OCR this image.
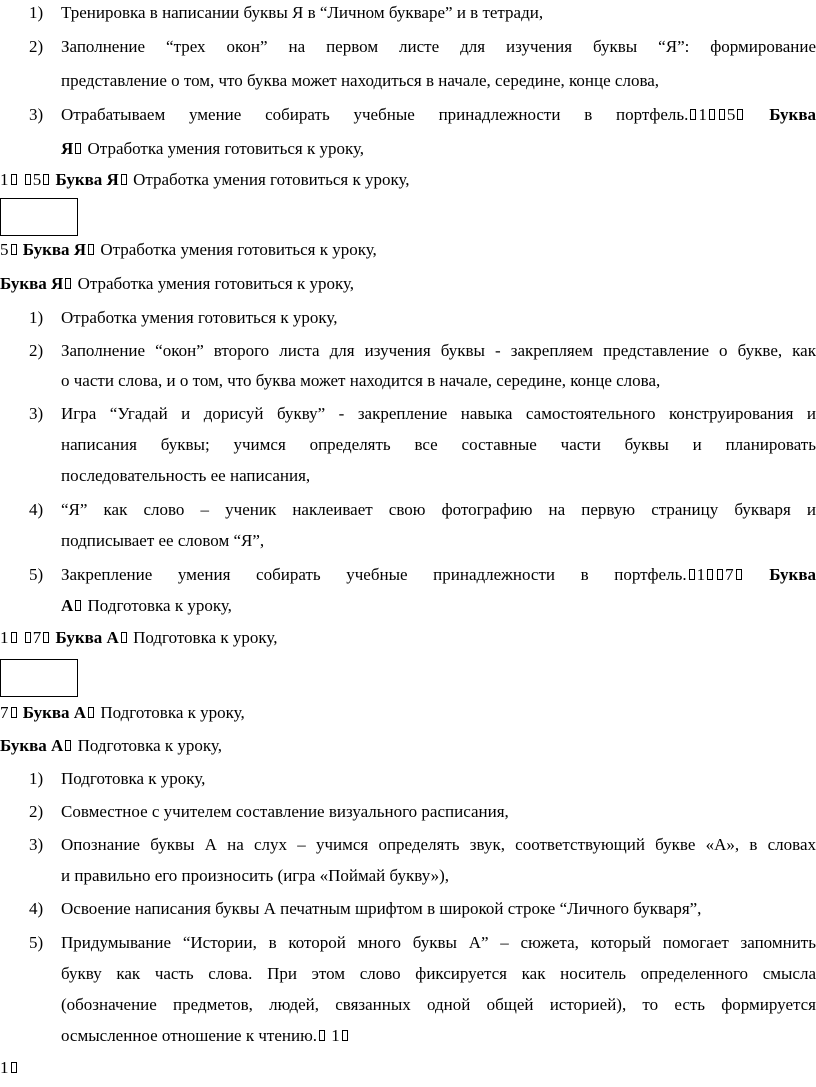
1) Тренировка в написании буквы Я в “Личном букваре” и в тетради,
2) Заполнение “трех окон” на первом листе для изучения буквы “Я”: формирование
представление о том, что буква может находиться в начале, середине, конце слова,
3) Отрабатываем умение собирать учебные принадлежности в портфель. 1 5 Буква
Я Отработка умения готовиться к уроку,
1 5 Буква Я Отработка умения готовиться к уроку,
5 Буква Я Отработка умения готовиться к уроку,
Буква Я Отработка умения готовиться к уроку,
1) Отработка умения готовиться к уроку,
2) Заполнение “окон” второго листа для изучения буквы - закрепляем представление о букве, как
о части слова, и о том, что буква может находится в начале, середине, конце слова,
3) Игра “Угадай и дорисуй букву” - закрепление навыка самостоятельного конструирования и
написания буквы; учимся определять все составные части буквы и планировать
последовательность ее написания,
4) “Я” как слово – ученик наклеивает свою фотографию на первую страницу букваря и
подписывает ее словом “Я”,
5) Закрепление умения собирать учебные принадлежности в портфель. 1 7 Буква
А Подготовка к уроку,
1 7 Буква А Подготовка к уроку,
7 Буква А Подготовка к уроку,
Буква А Подготовка к уроку,
1) Подготовка к уроку,
2) Совместное с учителем составление визуального расписания,
3) Опознание буквы А на слух – учимся определять звук, соответствующий букве «А», в словах
и правильно его произносить (игра «Поймай букву»),
4) Освоение написания буквы А печатным шрифтом в широкой строке “Личного букваря”,
5) Придумывание “Истории, в которой много буквы А” – сюжета, который помогает запомнить
букву как часть слова. При этом слово фиксируется как носитель определенного смысла
(обозначение предметов, людей, связанных одной общей историей), то есть формируется
осмысленное отношение к чтению. 1
1
